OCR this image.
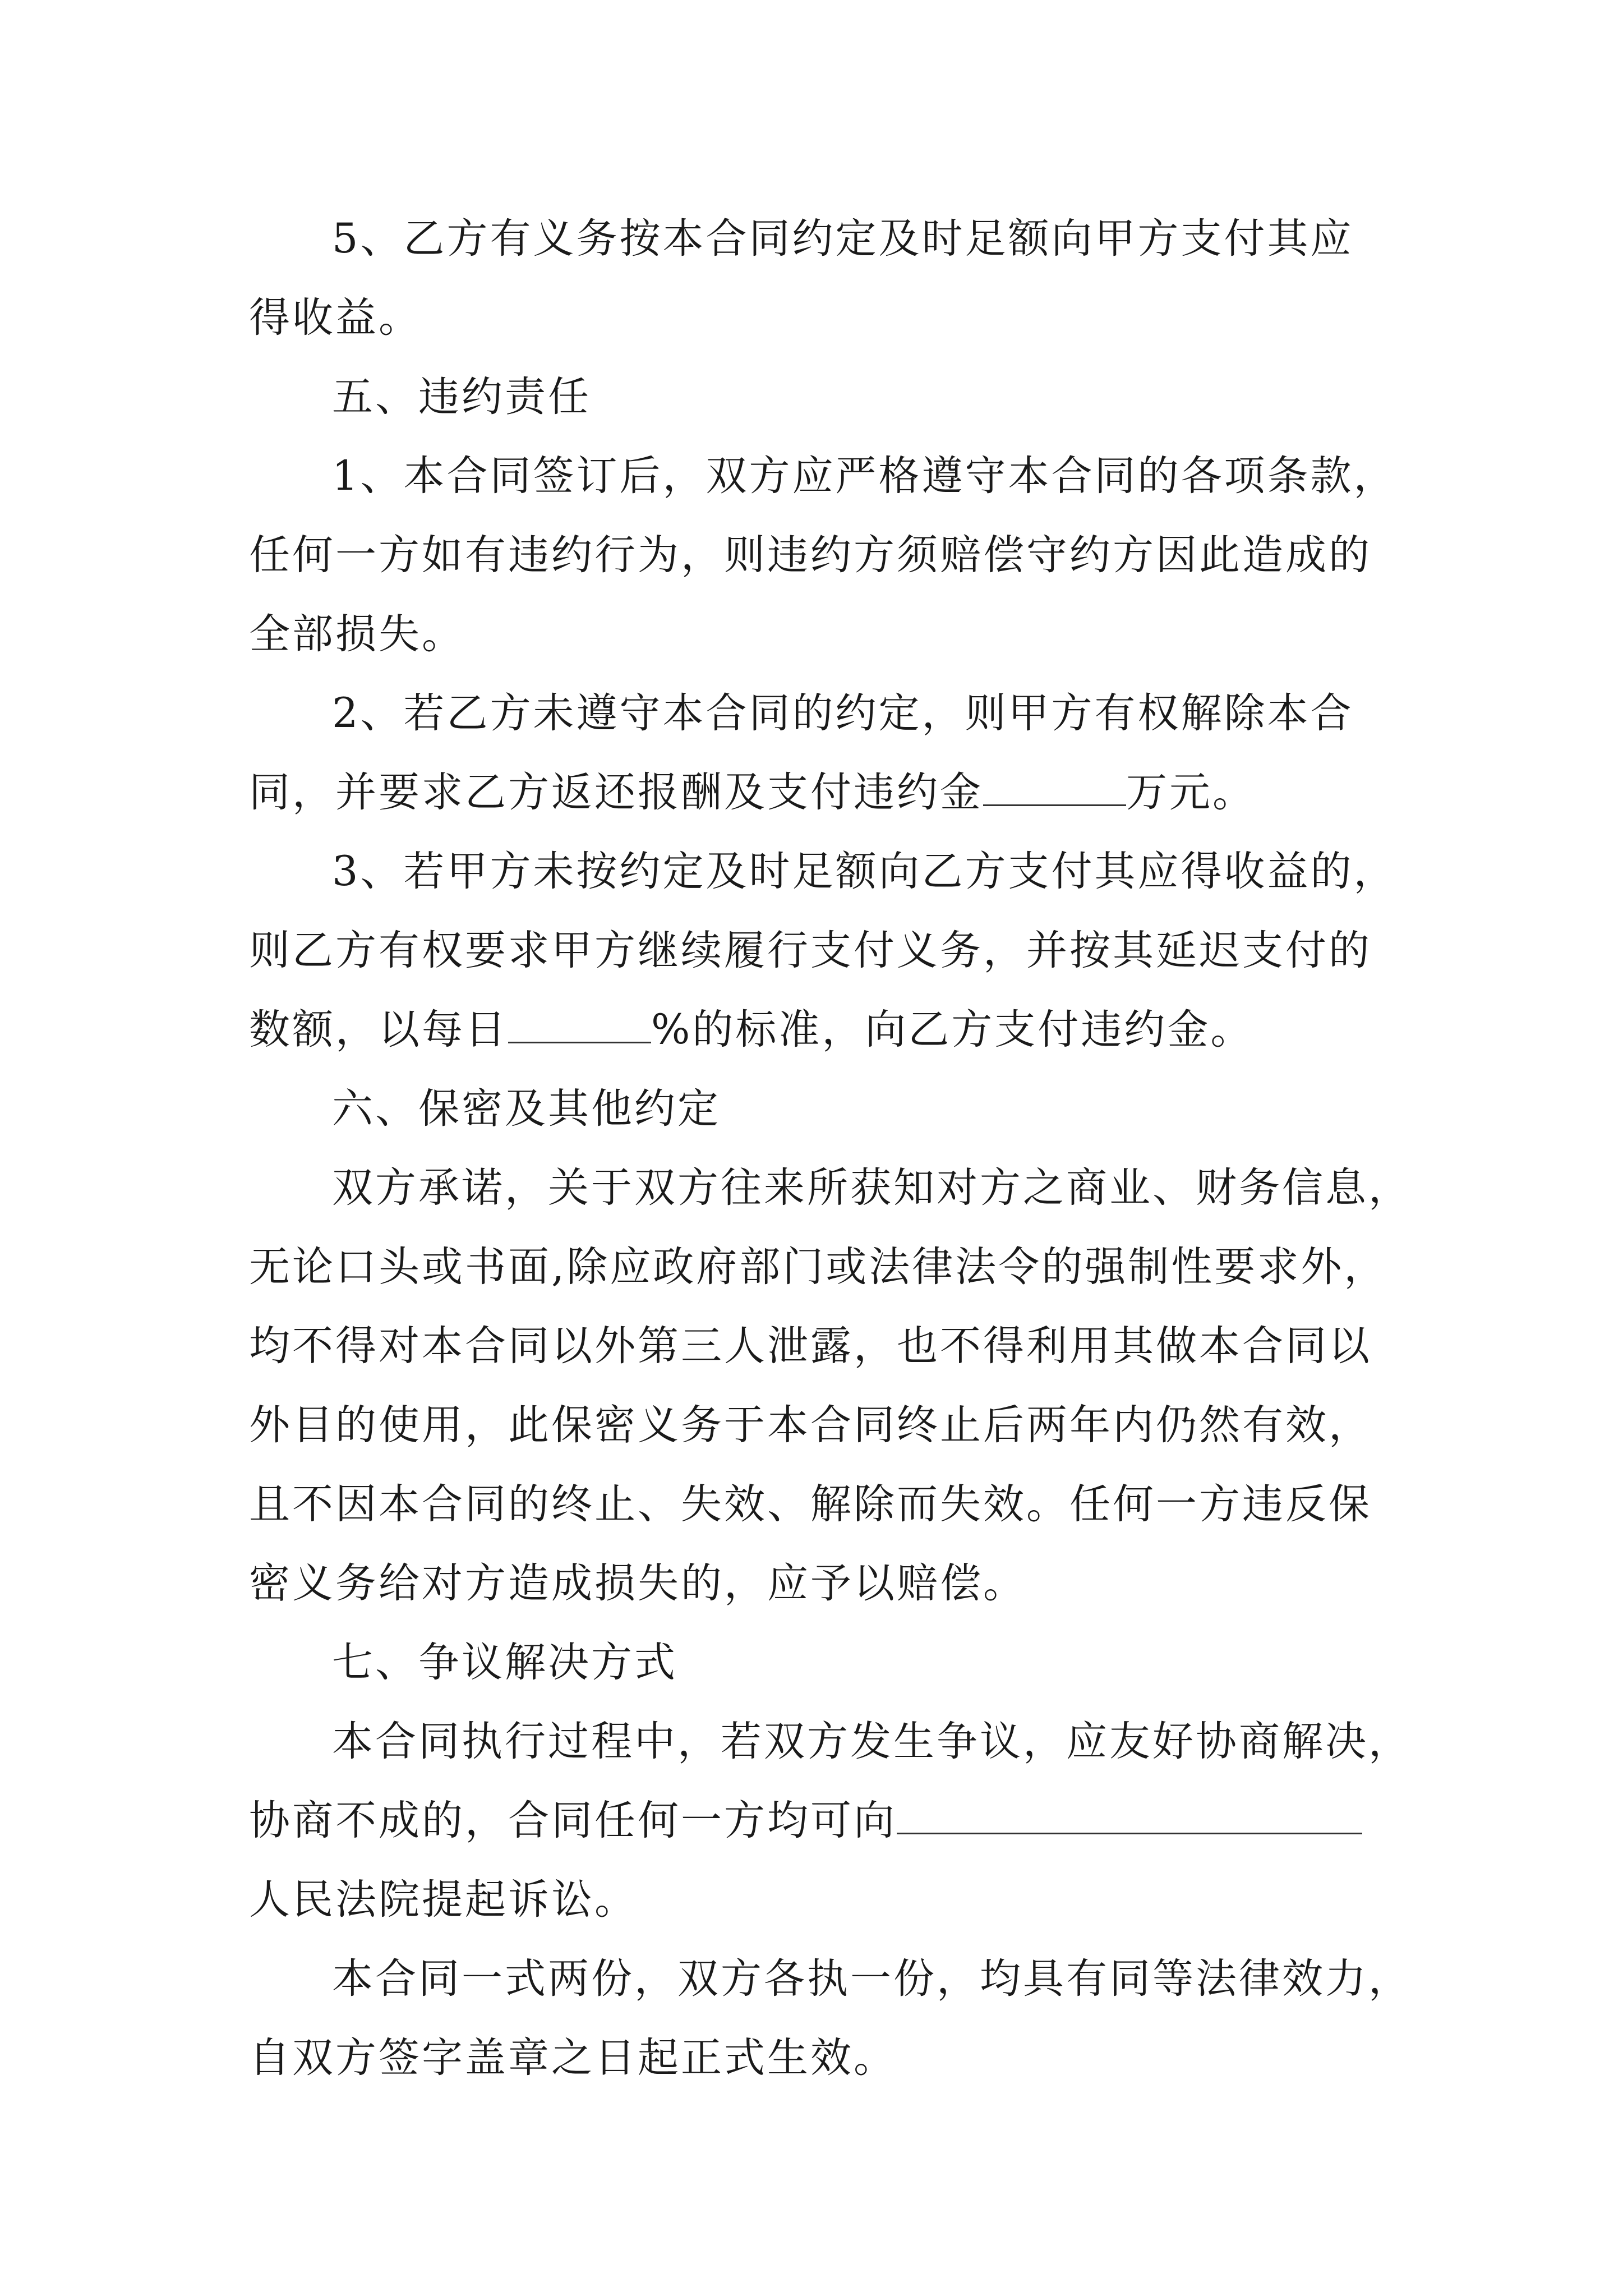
5、乙方有义务按本合同约定及时足额向甲方支付其应
得收益。
五、违约责任
1、本合同签订后，双方应严格遵守本合同的各项条款，
任何一方如有违约行为，则违约方须赔偿守约方因此造成的
全部损失。
2、若乙方未遵守本合同的约定，则甲方有权解除本合
同，并要求乙方返还报酬及支付违约金	万元。
3、若甲方未按约定及时足额向乙方支付其应得收益的，
则乙方有权要求甲方继续履行支付义务，并按其延迟支付的
数额，以每日	%的标准，向乙方支付违约金。
六、保密及其他约定
双方承诺，关于双方往来所获知对方之商业、财务信息，
无论口头或书面,除应政府部门或法律法令的强制性要求外，
均不得对本合同以外第三人泄露，也不得利用其做本合同以
外目的使用，此保密义务于本合同终止后两年内仍然有效，
且不因本合同的终止、失效、解除而失效。任何一方违反保
密义务给对方造成损失的，应予以赔偿。
七、争议解决方式
本合同执行过程中，若双方发生争议，应友好协商解决，
协商不成的，合同任何一方均可向
人民法院提起诉讼。
本合同一式两份，双方各执一份，均具有同等法律效力，
自双方签字盖章之日起正式生效。
